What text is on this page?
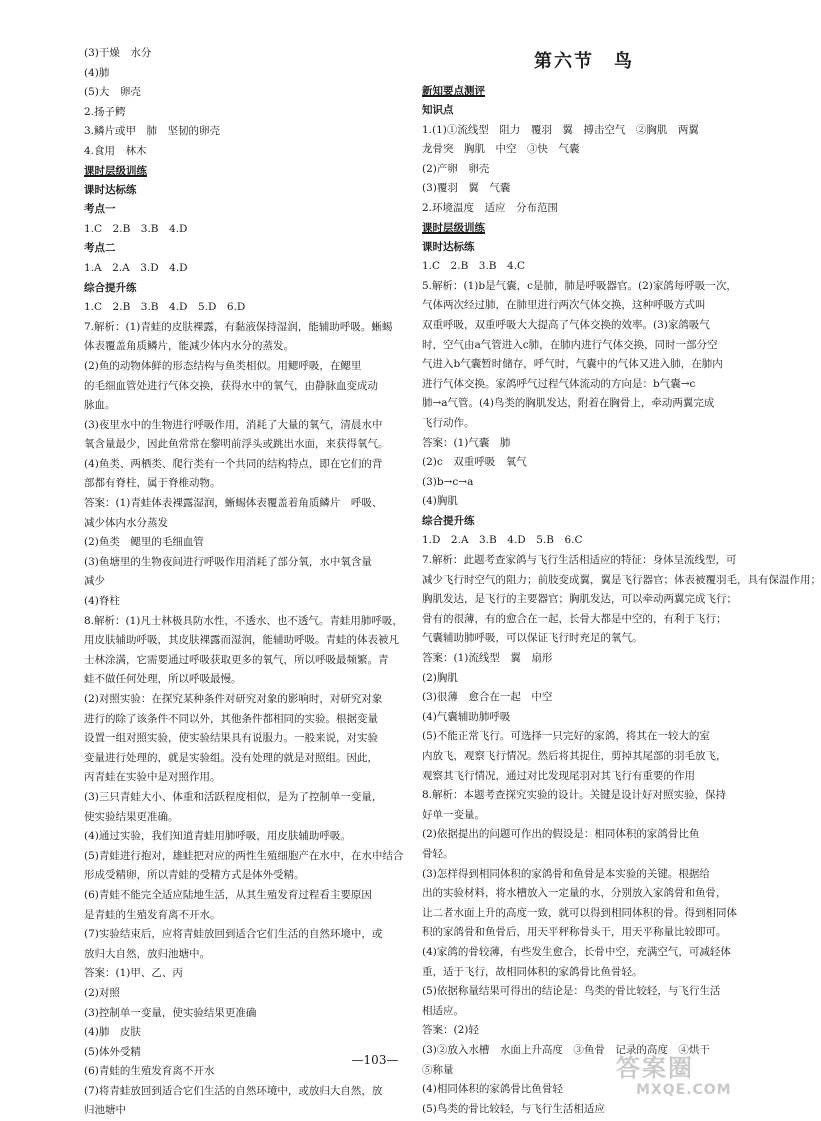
(3)干燥　水分
(4)肺
(5)大　卵壳
2.扬子鳄
3.鳞片或甲　肺　坚韧的卵壳
4.食用　林木
课时层级训练
课时达标练
考点一
1.C　2.B　3.B　4.D
考点二
1.A　2.A　3.D　4.D
综合提升练
1.C　2.B　3.B　4.D　5.D　6.D
7.解析：(1)青蛙的皮肤裸露，有黏液保持湿润，能辅助呼吸。蜥蜴
体表覆盖角质鳞片，能减少体内水分的蒸发。
(2)鱼的动物体鲜的形态结构与鱼类相似。用鳃呼吸，在鳃里
的毛细血管处进行气体交换，获得水中的氧气，由静脉血变成动
脉血。
(3)夜里水中的生物进行呼吸作用，消耗了大量的氧气，清晨水中
氧含量最少，因此鱼常常在黎明前浮头或跳出水面，来获得氧气。
(4)鱼类、两栖类、爬行类有一个共同的结构特点，即在它们的背
部都有脊柱，属于脊椎动物。
答案：(1)青蛙体表裸露湿润，蜥蜴体表覆盖着角质鳞片　呼吸、
减少体内水分蒸发
(2)鱼类　鳃里的毛细血管
(3)鱼塘里的生物夜间进行呼吸作用消耗了部分氧，水中氧含量
减少
(4)脊柱
8.解析：(1)凡士林极具防水性，不透水、也不透气。青蛙用肺呼吸，
用皮肤辅助呼吸，其皮肤裸露而湿润，能辅助呼吸。青蛙的体表被凡
士林涂满，它需要通过呼吸获取更多的氧气，所以呼吸最频繁。青
蛙不做任何处理，所以呼吸最慢。
(2)对照实验：在探究某种条件对研究对象的影响时，对研究对象
进行的除了该条件不同以外，其他条件都相同的实验。根据变量
设置一组对照实验，使实验结果具有说服力。一般来说，对实验
变量进行处理的，就是实验组。没有处理的就是对照组。因此，
丙青蛙在实验中是对照作用。
(3)三只青蛙大小、体重和活跃程度相似，是为了控制单一变量，
使实验结果更准确。
(4)通过实验，我们知道青蛙用肺呼吸，用皮肤辅助呼吸。
(5)青蛙进行抱对，雄蛙把对应的两性生殖细胞产在水中，在水中结合
形成受精卵，所以青蛙的受精方式是体外受精。
(6)青蛙不能完全适应陆地生活，从其生殖发育过程看主要原因
是青蛙的生殖发育离不开水。
(7)实验结束后，应将青蛙放回到适合它们生活的自然环境中，或
放归大自然，放归池塘中。
答案：(1)甲、乙、丙
(2)对照
(3)控制单一变量，使实验结果更准确
(4)肺　皮肤
(5)体外受精
(6)青蛙的生殖发育离不开水
(7)将青蛙放回到适合它们生活的自然环境中，或放归大自然，放
归池塘中
第六节　鸟
新知要点测评
知识点
1.(1)①流线型　阻力　覆羽　翼　搏击空气　②胸肌　两翼
龙骨突　胸肌　中空　③快　气囊
(2)产卵　卵壳
(3)覆羽　翼　气囊
2.环境温度　适应　分布范围
课时层级训练
课时达标练
1.C　2.B　3.B　4.C
5.解析：(1)b是气囊，c是肺，肺是呼吸器官。(2)家鸽每呼吸一次，
气体两次经过肺，在肺里进行两次气体交换，这种呼吸方式叫
双重呼吸，双重呼吸大大提高了气体交换的效率。(3)家鸽吸气
时，空气由a气管进入c肺，在肺内进行气体交换，同时一部分空
气进入b气囊暂时储存，呼气时，气囊中的气体又进入肺，在肺内
进行气体交换。家鸽呼气过程气体流动的方向是：b气囊→c
肺→a气管。(4)鸟类的胸肌发达，附着在胸骨上，牵动两翼完成
飞行动作。
答案：(1)气囊　肺
(2)c　双重呼吸　氧气
(3)b→c→a
(4)胸肌
综合提升练
1.D　2.A　3.B　4.D　5.B　6.C
7.解析：此题考查家鸽与飞行生活相适应的特征：身体呈流线型，可
减少飞行时空气的阻力；前肢变成翼，翼是飞行器官；体表被覆羽毛，具有保温作用；
胸肌发达，是飞行的主要器官；胸肌发达，可以牵动两翼完成飞行；
骨有的很薄，有的愈合在一起，长骨大都是中空的，有利于飞行；
气囊辅助肺呼吸，可以保证飞行时充足的氧气。
答案：(1)流线型　翼　扇形
(2)胸肌
(3)很薄　愈合在一起　中空
(4)气囊辅助肺呼吸
(5)不能正常飞行。可选择一只完好的家鸽，将其在一较大的室
内放飞，观察飞行情况。然后将其捉住，剪掉其尾部的羽毛放飞，
观察其飞行情况，通过对比发现尾羽对其飞行有重要的作用
8.解析：本题考查探究实验的设计。关键是设计好对照实验，保持
好单一变量。
(2)依据提出的问题可作出的假设是：相同体积的家鸽骨比鱼
骨轻。
(3)怎样得到相同体积的家鸽骨和鱼骨是本实验的关键。根据给
出的实验材料，将水槽放入一定量的水，分别放入家鸽骨和鱼骨，
让二者水面上升的高度一致，就可以得到相同体积的骨。得到相同体
积的家鸽骨和鱼骨后，用天平秤称骨头干，用天平称量比较即可。
(4)家鸽的骨较薄，有些发生愈合，长骨中空，充满空气，可减轻体
重，适于飞行，故相同体积的家鸽骨比鱼骨轻。
(5)依据称量结果可得出的结论是：鸟类的骨比较轻，与飞行生活
相适应。
答案：(2)轻
(3)②放入水槽　水面上升高度　③鱼骨　记录的高度　④烘干
⑤称量
(4)相同体积的家鸽骨比鱼骨轻
(5)鸟类的骨比较轻，与飞行生活相适应
—103—	答案圈
MXQE.COM
